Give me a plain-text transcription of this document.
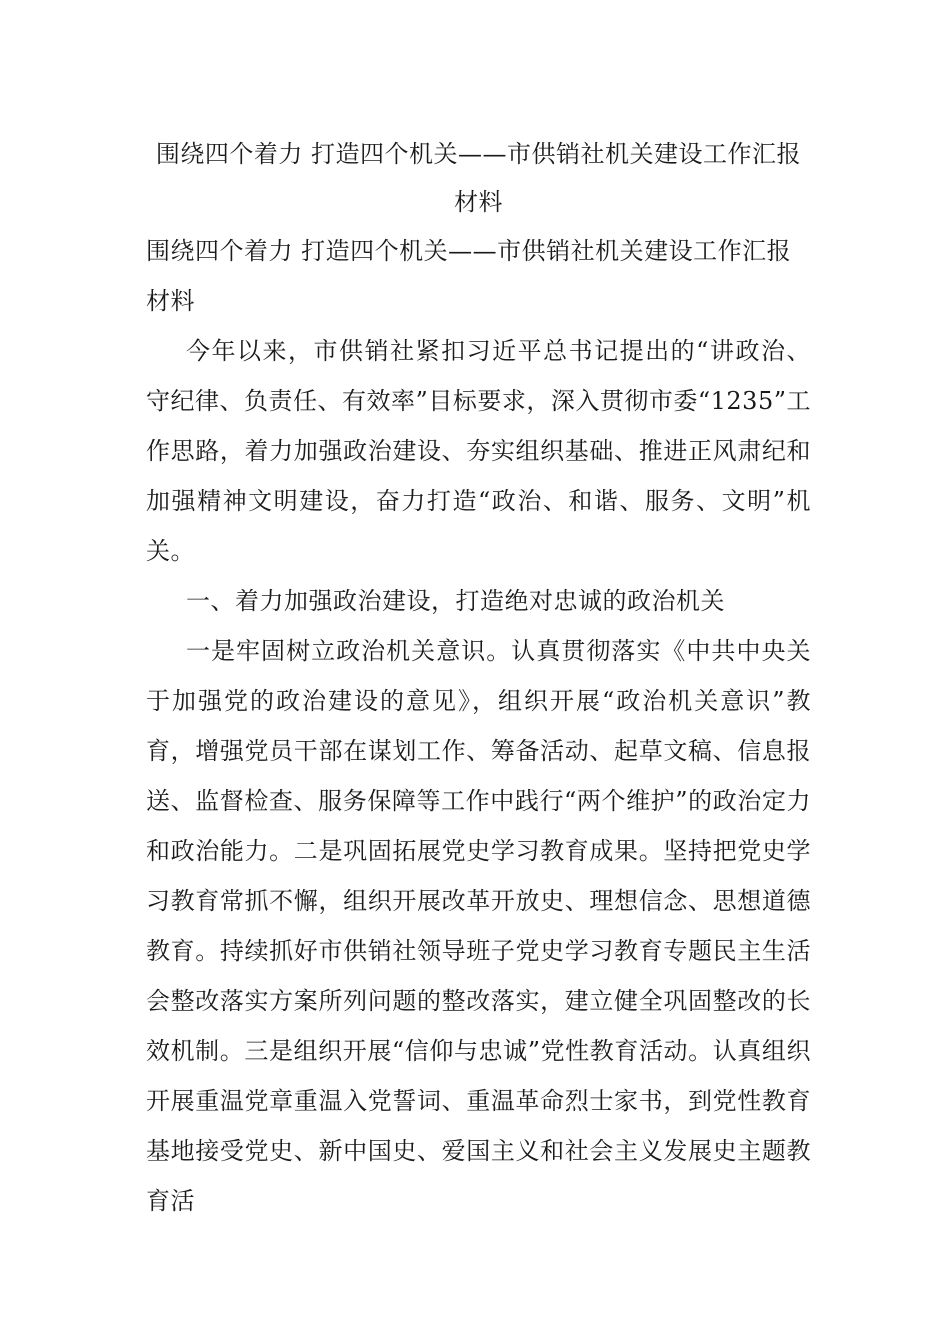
围绕四个着力 打造四个机关——市供销社机关建设工作汇报材料

围绕四个着力 打造四个机关——市供销社机关建设工作汇报材料

今年以来，市供销社紧扣习近平总书记提出的“讲政治、守纪律、负责任、有效率”目标要求，深入贯彻市委“1235”工作思路，着力加强政治建设、夯实组织基础、推进正风肃纪和加强精神文明建设，奋力打造“政治、和谐、服务、文明”机关。

一、着力加强政治建设，打造绝对忠诚的政治机关

一是牢固树立政治机关意识。认真贯彻落实《中共中央关于加强党的政治建设的意见》，组织开展“政治机关意识”教育，增强党员干部在谋划工作、筹备活动、起草文稿、信息报送、监督检查、服务保障等工作中践行“两个维护”的政治定力和政治能力。二是巩固拓展党史学习教育成果。坚持把党史学习教育常抓不懈，组织开展改革开放史、理想信念、思想道德教育。持续抓好市供销社领导班子党史学习教育专题民主生活会整改落实方案所列问题的整改落实，建立健全巩固整改的长效机制。三是组织开展“信仰与忠诚”党性教育活动。认真组织开展重温党章重温入党誓词、重温革命烈士家书，到党性教育基地接受党史、新中国史、爱国主义和社会主义发展史主题教育活
